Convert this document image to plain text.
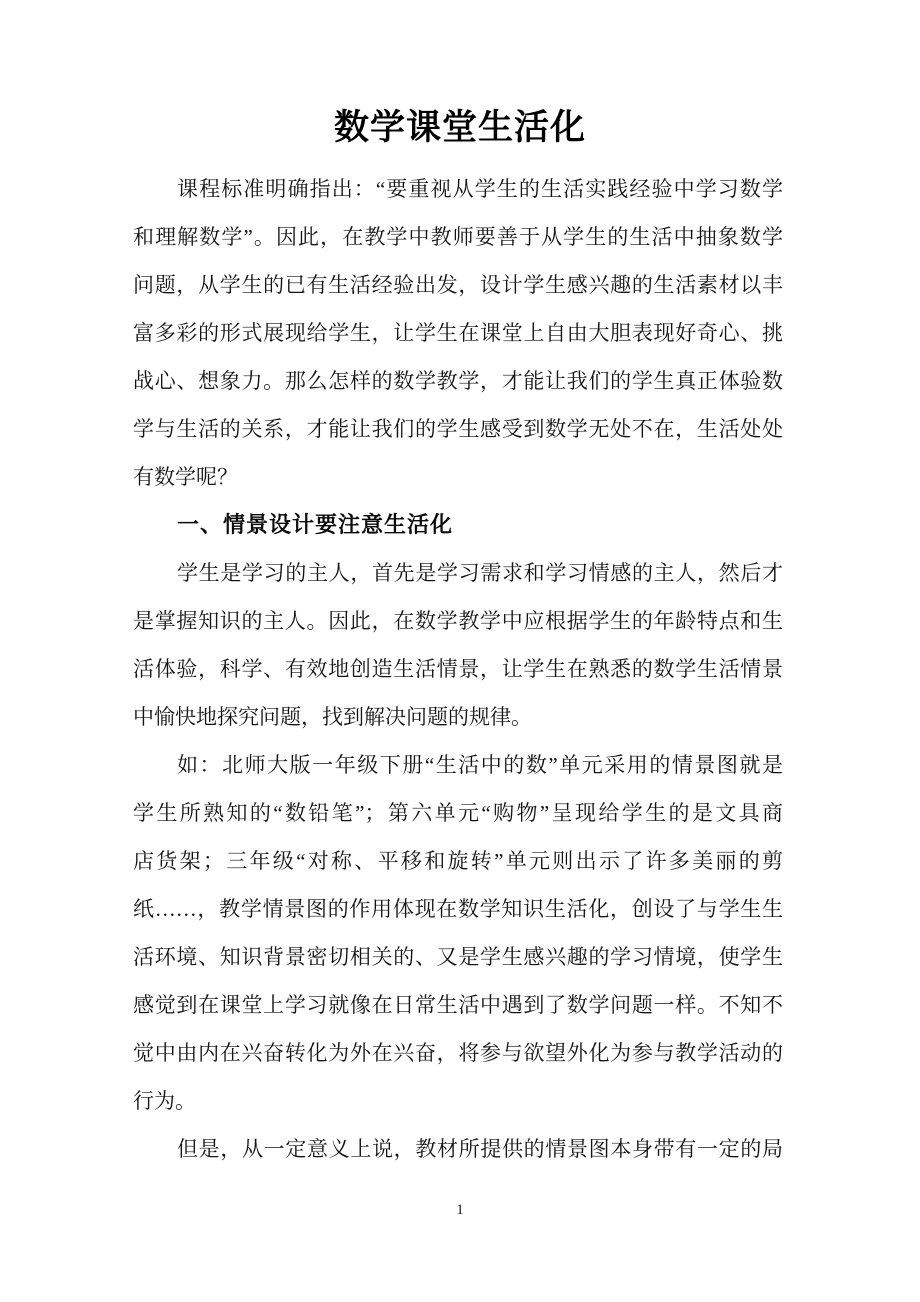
数学课堂生活化
课程标准明确指出：“要重视从学生的生活实践经验中学习数学
和理解数学”。因此，在教学中教师要善于从学生的生活中抽象数学
问题，从学生的已有生活经验出发，设计学生感兴趣的生活素材以丰
富多彩的形式展现给学生，让学生在课堂上自由大胆表现好奇心、挑
战心、想象力。那么怎样的数学教学，才能让我们的学生真正体验数
学与生活的关系，才能让我们的学生感受到数学无处不在，生活处处
有数学呢？
一、情景设计要注意生活化
学生是学习的主人，首先是学习需求和学习情感的主人，然后才
是掌握知识的主人。因此，在数学教学中应根据学生的年龄特点和生
活体验，科学、有效地创造生活情景，让学生在熟悉的数学生活情景
中愉快地探究问题，找到解决问题的规律。
如：北师大版一年级下册“生活中的数”单元采用的情景图就是
学生所熟知的“数铅笔”；第六单元“购物”呈现给学生的是文具商
店货架；三年级“对称、平移和旋转”单元则出示了许多美丽的剪
纸……，教学情景图的作用体现在数学知识生活化，创设了与学生生
活环境、知识背景密切相关的、又是学生感兴趣的学习情境，使学生
感觉到在课堂上学习就像在日常生活中遇到了数学问题一样。不知不
觉中由内在兴奋转化为外在兴奋，将参与欲望外化为参与教学活动的
行为。
但是，从一定意义上说，教材所提供的情景图本身带有一定的局
1
